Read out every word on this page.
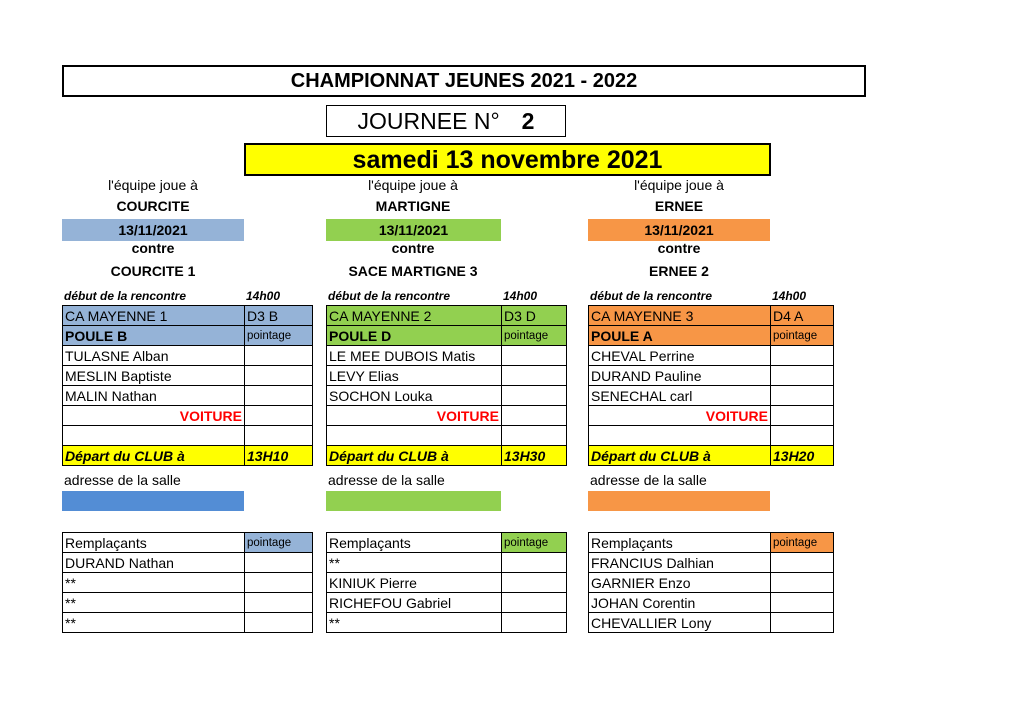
CHAMPIONNAT JEUNES 2021 - 2022
JOURNEE N° 2
samedi 13 novembre 2021
l'équipe joue à
COURCITE
13/11/2021
contre
COURCITE 1
début de la rencontre	14h00
CA MAYENNE 1	D3 B
POULE B	pointage
TULASNE Alban	
MESLIN Baptiste	
MALIN Nathan	
VOITURE	

Départ du CLUB à	13H10
adresse de la salle
Remplaçants	pointage
DURAND Nathan	
**	
**	
**	
l'équipe joue à
MARTIGNE
13/11/2021
contre
SACE MARTIGNE 3
début de la rencontre	14h00
CA MAYENNE 2	D3 D
POULE D	pointage
LE MEE DUBOIS Matis	
LEVY Elias	
SOCHON Louka	
VOITURE	

Départ du CLUB à	13H30
adresse de la salle
Remplaçants	pointage
**	
KINIUK Pierre	
RICHEFOU Gabriel	
**	
l'équipe joue à
ERNEE
13/11/2021
contre
ERNEE 2
début de la rencontre	14h00
CA MAYENNE 3	D4 A
POULE A	pointage
CHEVAL Perrine	
DURAND Pauline	
SENECHAL carl	
VOITURE	

Départ du CLUB à	13H20
adresse de la salle
Remplaçants	pointage
FRANCIUS Dalhian	
GARNIER Enzo	
JOHAN Corentin	
CHEVALLIER Lony	
